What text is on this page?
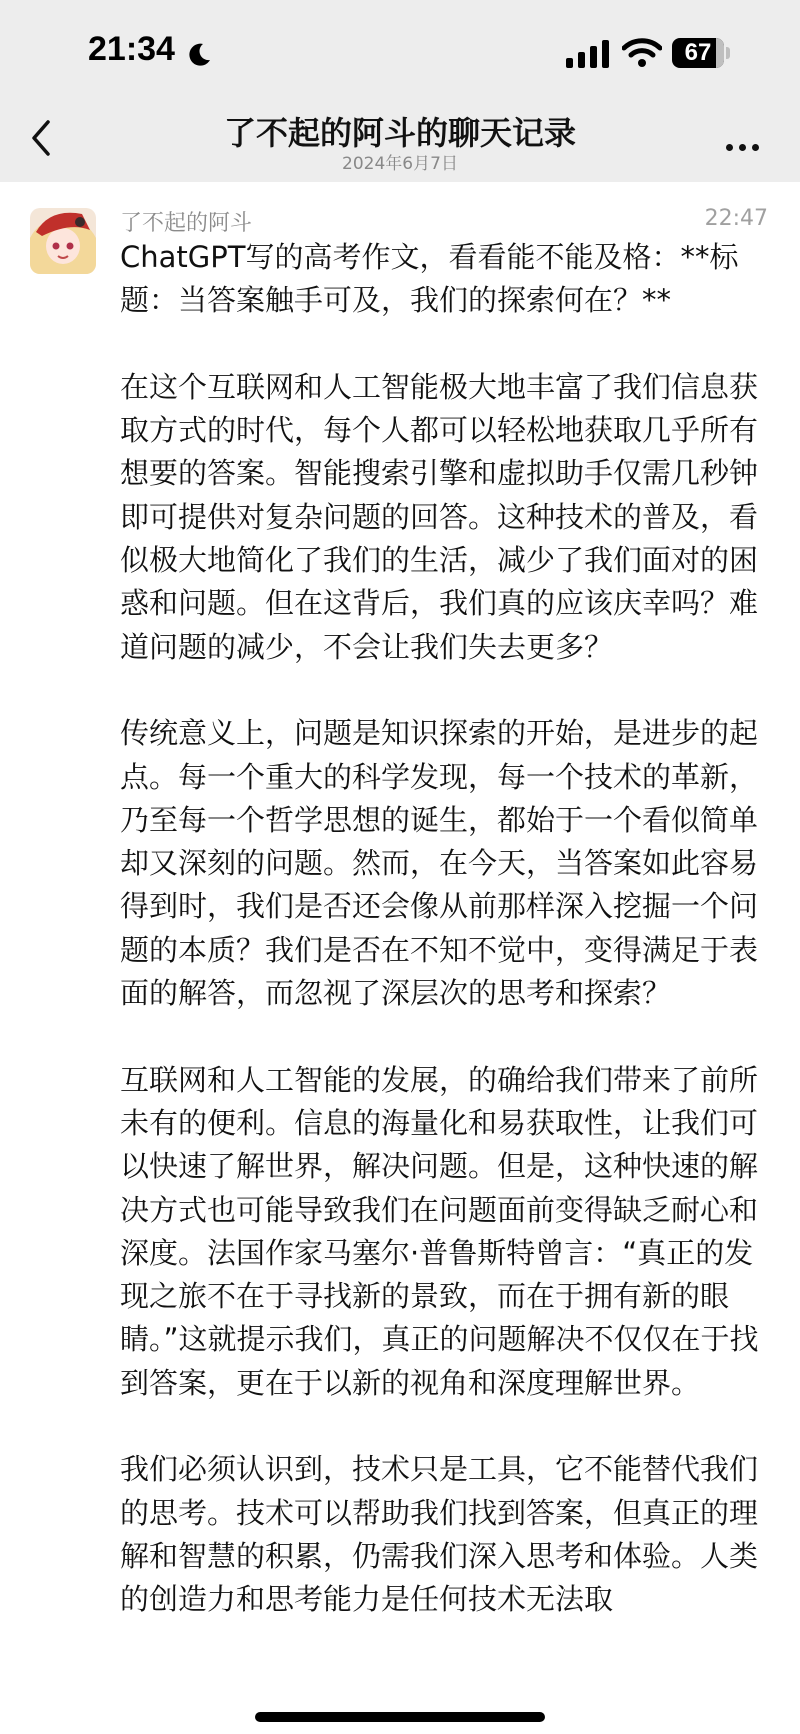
21:34	67
了不起的阿斗的聊天记录
2024年6月7日
了不起的阿斗	22:47

ChatGPT写的高考作文，看看能不能及格：**标题：当答案触手可及，我们的探索何在？**

在这个互联网和人工智能极大地丰富了我们信息获取方式的时代，每个人都可以轻松地获取几乎所有想要的答案。智能搜索引擎和虚拟助手仅需几秒钟即可提供对复杂问题的回答。这种技术的普及，看似极大地简化了我们的生活，减少了我们面对的困惑和问题。但在这背后，我们真的应该庆幸吗？难道问题的减少，不会让我们失去更多？

传统意义上，问题是知识探索的开始，是进步的起点。每一个重大的科学发现，每一个技术的革新，乃至每一个哲学思想的诞生，都始于一个看似简单却又深刻的问题。然而，在今天，当答案如此容易得到时，我们是否还会像从前那样深入挖掘一个问题的本质？我们是否在不知不觉中，变得满足于表面的解答，而忽视了深层次的思考和探索？

互联网和人工智能的发展，的确给我们带来了前所未有的便利。信息的海量化和易获取性，让我们可以快速了解世界，解决问题。但是，这种快速的解决方式也可能导致我们在问题面前变得缺乏耐心和深度。法国作家马塞尔·普鲁斯特曾言：“真正的发现之旅不在于寻找新的景致，而在于拥有新的眼睛。”这就提示我们，真正的问题解决不仅仅在于找到答案，更在于以新的视角和深度理解世界。

我们必须认识到，技术只是工具，它不能替代我们的思考。技术可以帮助我们找到答案，但真正的理解和智慧的积累，仍需我们深入思考和体验。人类的创造力和思考能力是任何技术无法取
